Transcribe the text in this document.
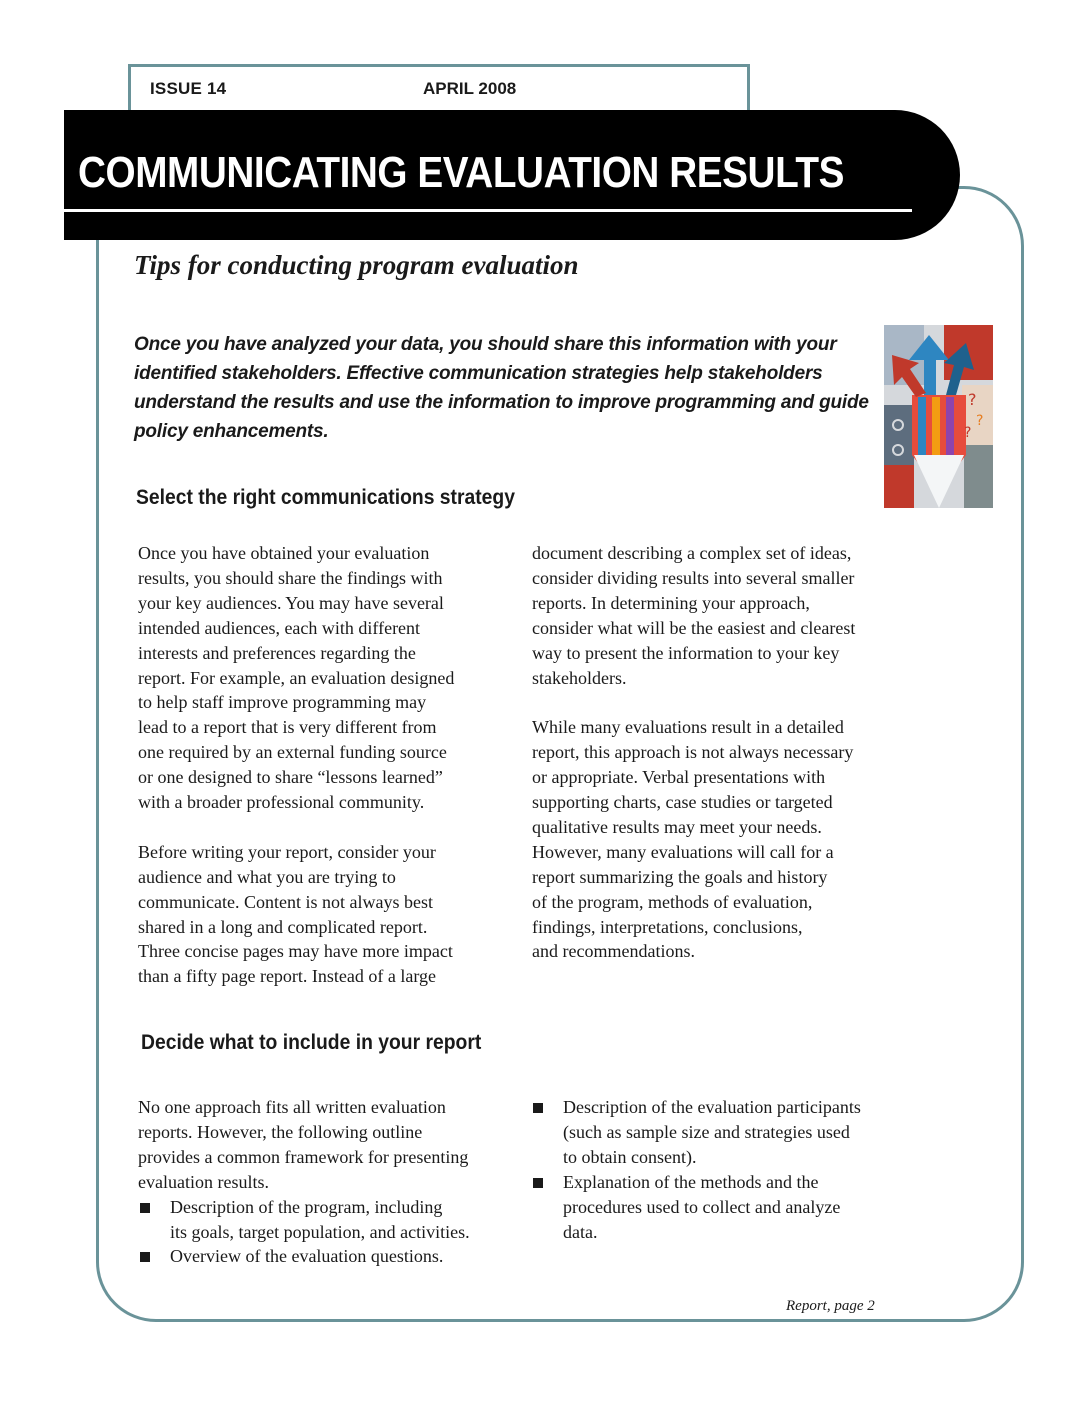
ISSUE 14	APRIL 2008
COMMUNICATING EVALUATION RESULTS
Tips for conducting program evaluation
Once you have analyzed your data, you should share this information with your identified stakeholders. Effective communication strategies help stakeholders understand the results and use the information to improve programming and guide policy enhancements.
?
?
?
Select the right communications strategy

Once you have obtained your evaluation
results, you should share the findings with
your key audiences. You may have several
intended audiences, each with different
interests and preferences regarding the
report. For example, an evaluation designed
to help staff improve programming may
lead to a report that is very different from
one required by an external funding source
or one designed to share “lessons learned”
with a broader professional community.

Before writing your report, consider your
audience and what you are trying to
communicate. Content is not always best
shared in a long and complicated report.
Three concise pages may have more impact
than a fifty page report. Instead of a large

document describing a complex set of ideas,
consider dividing results into several smaller
reports. In determining your approach,
consider what will be the easiest and clearest
way to present the information to your key
stakeholders.

While many evaluations result in a detailed
report, this approach is not always necessary
or appropriate. Verbal presentations with
supporting charts, case studies or targeted
qualitative results may meet your needs.
However, many evaluations will call for a
report summarizing the goals and history
of the program, methods of evaluation,
findings, interpretations, conclusions,
and recommendations.

Decide what to include in your report

No one approach fits all written evaluation
reports. However, the following outline
provides a common framework for presenting
evaluation results.

Description of the program, including
its goals, target population, and activities.
Overview of the evaluation questions.
Description of the evaluation participants
(such as sample size and strategies used
to obtain consent).
Explanation of the methods and the
procedures used to collect and analyze
data.
Report, page 2
